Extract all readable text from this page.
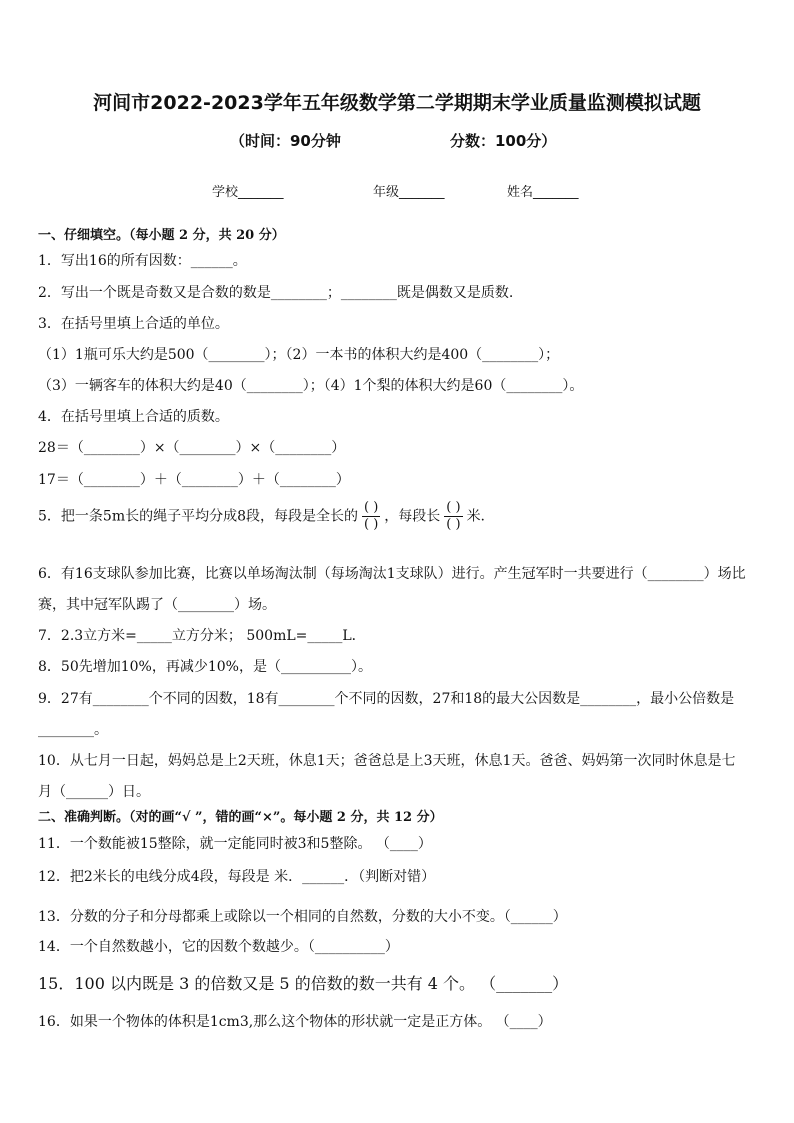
河间市2022-2023学年五年级数学第二学期期末学业质量监测模拟试题
（时间：90分钟	分数：100分）
学校_______	年级_______	姓名_______
一、仔细填空。（每小题 2 分，共 20 分）
1．写出16的所有因数：______。
2．写出一个既是奇数又是合数的数是________；________既是偶数又是质数.
3．在括号里填上合适的单位。
（1）1瓶可乐大约是500（________）；（2）一本书的体积大约是400（________）；
（3）一辆客车的体积大约是40（________）；（4）1个梨的体积大约是60（________）。
4．在括号里填上合适的质数。
28＝（________）×（________）×（________）
17＝（________）＋（________）＋（________）
5．把一条5m长的绳子平均分成8段，每段是全长的 $\frac{( )}{( )}$ ，每段长 $\frac{( )}{( )}$ 米.
6．有16支球队参加比赛，比赛以单场淘汰制（每场淘汰1支球队）进行。产生冠军时一共要进行（________）场比
赛，其中冠军队踢了（________）场。
7．2.3立方米=_____立方分米； 500mL=_____L．
8．50先增加10%，再减少10%，是（__________）。
9．27有________个不同的因数，18有________个不同的因数，27和18的最大公因数是________，最小公倍数是
________。
10．从七月一日起，妈妈总是上2天班，休息1天；爸爸总是上3天班，休息1天。爸爸、妈妈第一次同时休息是七
月（______）日。
二、准确判断。（对的画“√ ”，错的画“×”。每小题 2 分，共 12 分）
11．一个数能被15整除，就一定能同时被3和5整除。 （____）
12．把2米长的电线分成4段，每段是 米．______．（判断对错）
13．分数的分子和分母都乘上或除以一个相同的自然数，分数的大小不变。（______）
14．一个自然数越小，它的因数个数越少。（__________）
15．100 以内既是 3 的倍数又是 5 的倍数的数一共有 4 个。 （_______）
16．如果一个物体的体积是1cm3,那么这个物体的形状就一定是正方体。 （____）
